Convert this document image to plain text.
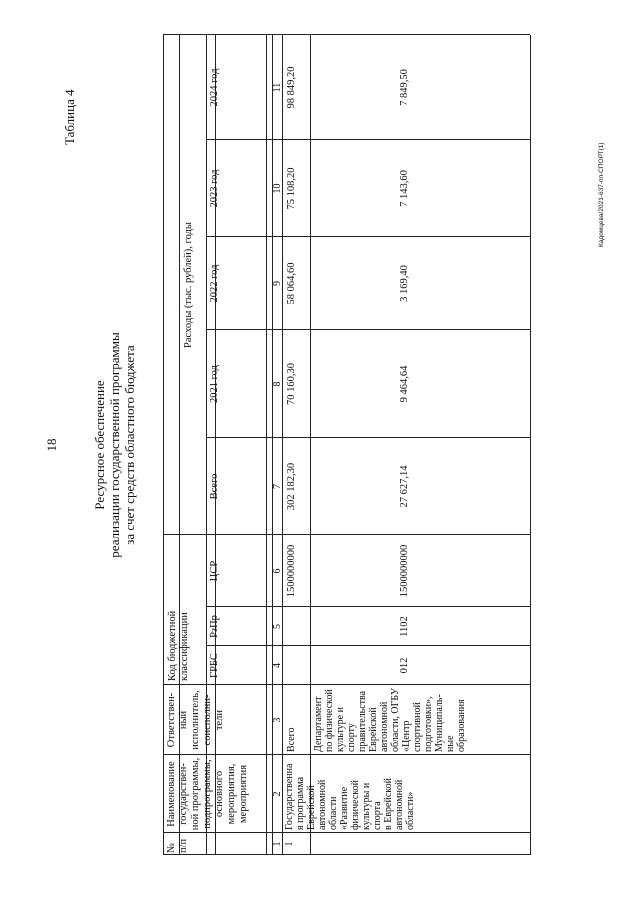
18
Таблица 4
Ресурсное обеспечение реализации государственной программы за счет средств областного бюджета
Кадомцева/2021-637-пп-СПОРТ(1)
№ п/п
Наименование государствен- ной программы, подпрограммы, основного мероприятия, мероприятия
Ответствен- ный исполнитель, соисполни- тели
Код бюджетной классификации
Расходы (тыс. рублей), годы
ГРБС
РзПр
ЦСР
Всего
2021 год
2022 год
2023 год
2024 год
1
2
3
4
5
6
7
8
9
10
11
1
Государственна я программа Еврейской автономной области «Развитие физической культуры и спорта в Еврейской автономной области»
Всего
1500000000
302 182,30
70 160,30
58 064,60
75 108,20
98 849,20
Департамент по физической культуре и спорту правительства Еврейской автономной области, ОГБУ «Центр спортивной подготовки», Муниципаль- ные образования
012
1102
1500000000
27 627,14
9 464,64
3 169,40
7 143,60
7 849,50
